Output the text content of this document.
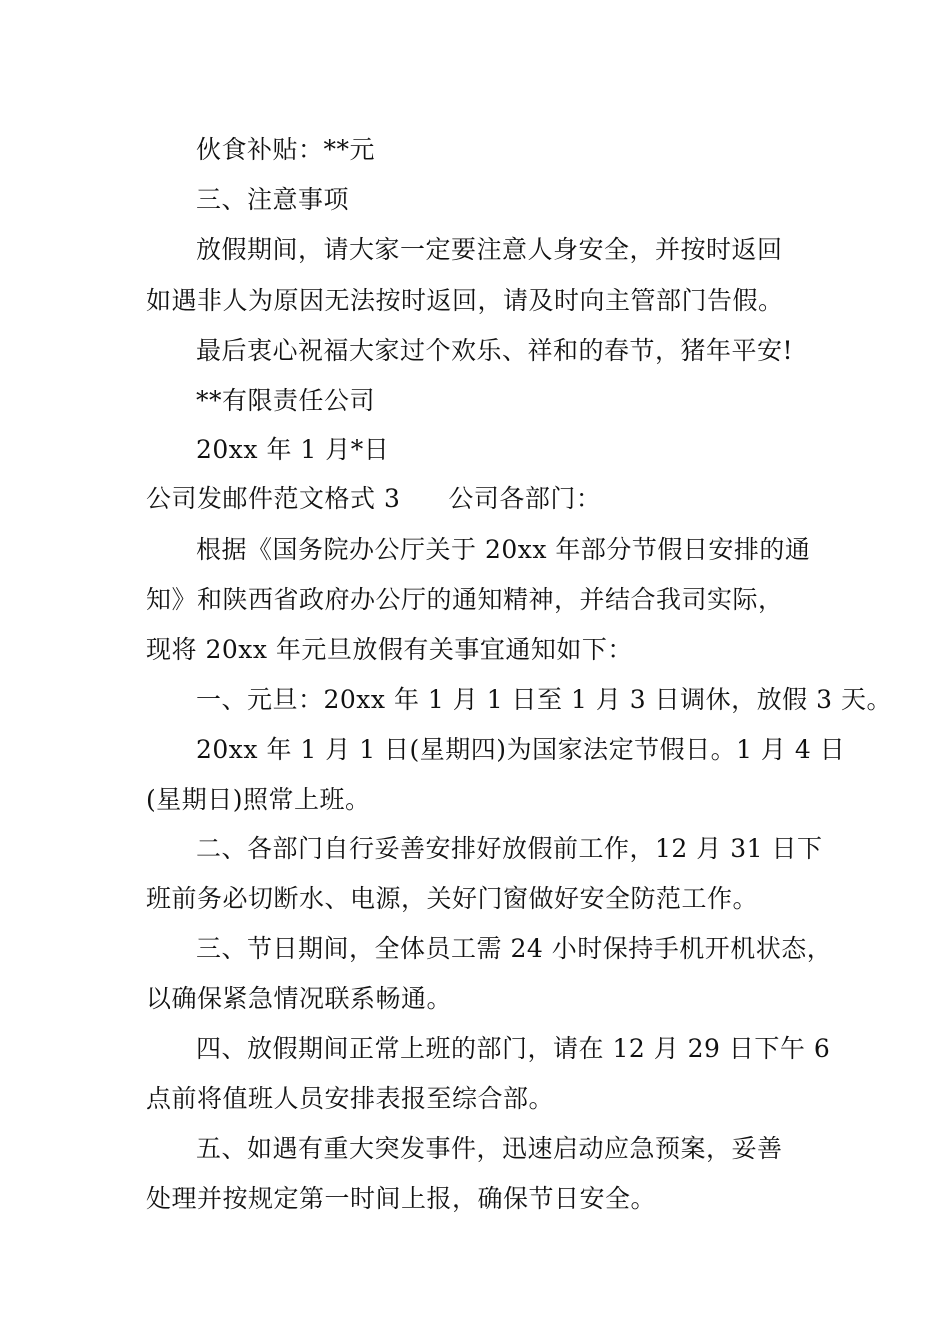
伙食补贴：**元
三、注意事项
放假期间，请大家一定要注意人身安全，并按时返回
如遇非人为原因无法按时返回，请及时向主管部门告假。
最后衷心祝福大家过个欢乐、祥和的春节，猪年平安!
**有限责任公司
20xx 年 1 月*日
公司发邮件范文格式 3 公司各部门：
根据《国务院办公厅关于 20xx 年部分节假日安排的通
知》和陕西省政府办公厅的通知精神，并结合我司实际，
现将 20xx 年元旦放假有关事宜通知如下：
一、元旦：20xx 年 1 月 1 日至 1 月 3 日调休，放假 3 天。
20xx 年 1 月 1 日(星期四)为国家法定节假日。1 月 4 日
(星期日)照常上班。
二、各部门自行妥善安排好放假前工作，12 月 31 日下
班前务必切断水、电源，关好门窗做好安全防范工作。
三、节日期间，全体员工需 24 小时保持手机开机状态，
以确保紧急情况联系畅通。
四、放假期间正常上班的部门，请在 12 月 29 日下午 6
点前将值班人员安排表报至综合部。
五、如遇有重大突发事件，迅速启动应急预案，妥善
处理并按规定第一时间上报，确保节日安全。
